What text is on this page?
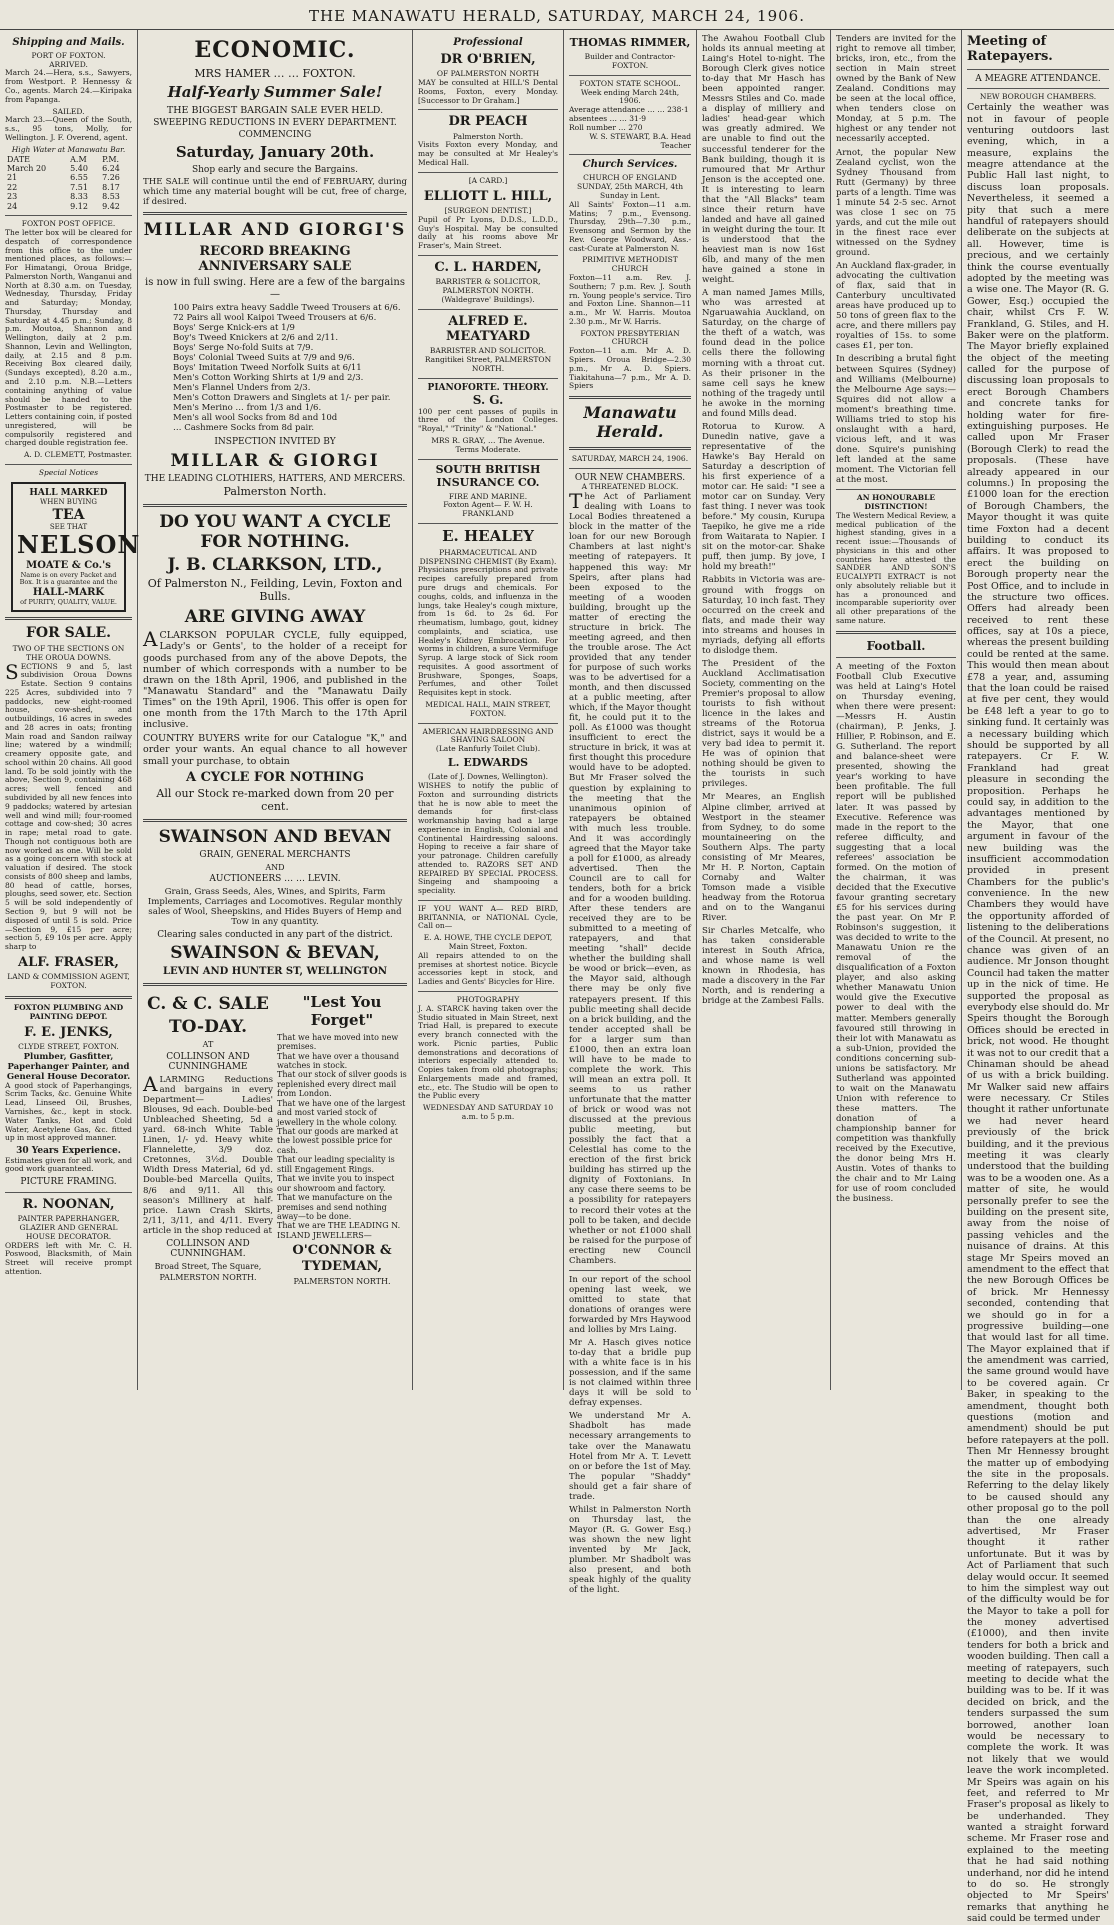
THE MANAWATU HERALD, SATURDAY, MARCH 24, 1906.
Shipping and Mails.
PORT OF FOXTON.
ARRIVED.

March 24.—Hera, s.s., Sawyers, from Westport. P. Hennessy & Co., agents. March 24.—Kiripaka from Papanga.

SAILED.

March 23.—Queen of the South, s.s., 95 tons, Molly, for Wellington. J. F. Overend, agent.

High Water at Manawatu Bar.
DATE	A.M	P.M.
March 20	5.40	6.24
21	6.55	7.26
22	7.51	8.17
23	8.33	8.53
24	9.12	9.42
FOXTON POST OFFICE.

The letter box will be cleared for despatch of correspondence from this office to the under mentioned places, as follows:— For Himatangi, Oroua Bridge, Palmerston North, Wanganui and North at 8.30 a.m. on Tuesday, Wednesday, Thursday, Friday and Saturday; Monday, Thursday, Thursday and Saturday at 4.45 p.m.; Sunday, 8 p.m. Moutoa, Shannon and Wellington, daily at 2 p.m. Shannon, Levin and Wellington, daily, at 2.15 and 8 p.m. Receiving Box cleared daily, (Sundays excepted), 8.20 a.m., and 2.10 p.m. N.B.—Letters containing anything of value should be handed to the Postmaster to be registered. Letters containing coin, if posted unregistered, will be compulsorily registered and charged double registration fee.

A. D. CLEMETT, Postmaster.
Special Notices
HALL MARKED
WHEN BUYING
TEA
SEE THAT
NELSON
MOATE & Co.'s
Name is on every Packet and Box. It is a guarantee and the
HALL-MARK
of PURITY, QUALITY, VALUE.
FOR SALE.
TWO OF THE SECTIONS ON THE OROUA DOWNS.

SECTIONS 9 and 5, last subdivision Oroua Downs Estate. Section 9 contains 225 Acres, subdivided into 7 paddocks, new eight-roomed house, cow-shed, and outbuildings, 16 acres in swedes and 28 acres in oats; fronting Main road and Sandon railway line; watered by a windmill; creamery opposite gate, and school within 20 chains. All good land. To be sold jointly with the above, Section 9, containing 468 acres; well fenced and subdivided by all new fences into 9 paddocks; watered by artesian well and wind mill; four-roomed cottage and cow-shed; 30 acres in rape; metal road to gate. Though not contiguous both are now worked as one. Will be sold as a going concern with stock at valuation if desired. The stock consists of 800 sheep and lambs, 80 head of cattle, horses, ploughs, seed sower, etc. Section 5 will be sold independently of Section 9, but 9 will not be disposed of until 5 is sold. Price—Section 9, £15 per acre; section 5, £9 10s per acre. Apply sharp to

ALF. FRASER,
LAND & COMMISSION AGENT, FOXTON.
FOXTON PLUMBING AND PAINTING DEPOT.
F. E. JENKS,
CLYDE STREET, FOXTON.
Plumber, Gasfitter, Paperhanger Painter, and General House Decorator.

A good stock of Paperhangings, Scrim Tacks, &c. Genuine White Lead, Linseed Oil, Brushes, Varnishes, &c., kept in stock. Water Tanks, Hot and Cold Water, Acetylene Gas, &c. fitted up in most approved manner.

30 Years Experience.

Estimates given for all work, and good work guaranteed.

PICTURE FRAMING.
R. NOONAN,
PAINTER PAPERHANGER, GLAZIER AND GENERAL HOUSE DECORATOR.

ORDERS left with Mr. C. H. Poswood, Blacksmith, of Main Street will receive prompt attention.

ECONOMIC.
MRS HAMER … … FOXTON.
Half-Yearly Summer Sale!
THE BIGGEST BARGAIN SALE EVER HELD.
SWEEPING REDUCTIONS IN EVERY DEPARTMENT.
COMMENCING
Saturday, January 20th.
Shop early and secure the Bargains.

THE SALE will continue until the end of FEBRUARY, during which time any material bought will be cut, free of charge, if desired.

MILLAR AND GIORGI'S
RECORD BREAKING ANNIVERSARY SALE
is now in full swing. Here are a few of the bargains—
100 Pairs extra heavy Saddle Tweed Trousers at 6/6.
72 Pairs all wool Kaipoi Tweed Trousers at 6/6.
Boys' Serge Knick-ers at 1/9
Boy's Tweed Knickers at 2/6 and 2/11.
Boys' Serge No-fold Suits at 7/9.
Boys' Colonial Tweed Suits at 7/9 and 9/6.
Boys' Imitation Tweed Norfolk Suits at 6/11
Men's Cotton Working Shirts at 1/9 and 2/3.
Men's Flannel Unders from 2/3.
Men's Cotton Drawers and Singlets at 1/- per pair.
Men's Merino … from 1/3 and 1/6.
Men's all wool Socks from 8d and 10d
… Cashmere Socks from 8d pair.
INSPECTION INVITED BY
MILLAR & GIORGI
THE LEADING CLOTHIERS, HATTERS, AND MERCERS.
Palmerston North.
DO YOU WANT A CYCLE FOR NOTHING.
J. B. CLARKSON, LTD.,
Of Palmerston N., Feilding, Levin, Foxton and Bulls.
ARE GIVING AWAY

ACLARKSON POPULAR CYCLE, fully equipped, Lady's or Gents', to the holder of a receipt for goods purchased from any of the above Depots, the number of which corresponds with a number to be drawn on the 18th April, 1906, and published in the "Manawatu Standard" and the "Manawatu Daily Times" on the 19th April, 1906. This offer is open for one month from the 17th March to the 17th April inclusive.

COUNTRY BUYERS write for our Catalogue "K," and order your wants. An equal chance to all however small your purchase, to obtain

A CYCLE FOR NOTHING
All our Stock re-marked down from 20 per cent.
SWAINSON AND BEVAN
GRAIN, GENERAL MERCHANTS
AND
AUCTIONEERS … … LEVIN.

Grain, Grass Seeds, Ales, Wines, and Spirits, Farm Implements, Carriages and Locomotives. Regular monthly sales of Wool, Sheepskins, and Hides Buyers of Hemp and Tow in any quantity.

Clearing sales conducted in any part of the district.
SWAINSON & BEVAN,
LEVIN AND HUNTER ST, WELLINGTON
C. & C. SALE
TO-DAY.
AT
COLLINSON AND CUNNINGHAME

ALARMING Reductions and bargains in every Department— Ladies' Blouses, 9d each. Double-bed Unbleached Sheeting, 5d a yard. 68-inch White Table Linen, 1/- yd. Heavy white Flannelette, 3/9 doz. Cretonnes, 3½d. Double Width Dress Material, 6d yd. Double-bed Marcella Quilts, 8/6 and 9/11. All this season's Millinery at half-price. Lawn Crash Skirts, 2/11, 3/11, and 4/11. Every article in the shop reduced at

COLLINSON AND CUNNINGHAM.
Broad Street, The Square,
PALMERSTON NORTH.
"Lest You Forget"
That we have moved into new premises.
That we have over a thousand watches in stock.
That our stock of silver goods is replenished every direct mail from London.
That we have one of the largest and most varied stock of jewellery in the whole colony.
That our goods are marked at the lowest possible price for cash.
That our leading speciality is still Engagement Rings.
That we invite you to inspect our showroom and factory.
That we manufacture on the premises and send nothing away—to be done.
That we are THE LEADING N. ISLAND JEWELLERS—
O'CONNOR & TYDEMAN,
PALMERSTON NORTH.
Professional
DR O'BRIEN,
OF PALMERSTON NORTH

MAY be consulted at HILL'S Dental Rooms, Foxton, every Monday. [Successor to Dr Graham.]

DR PEACH
Palmerston North.

Visits Foxton every Monday, and may be consulted at Mr Healey's Medical Hall.

[A CARD.]
ELLIOTT L. HILL,
[SURGEON DENTIST.]

Pupil of Pr Lyons, D.D.S., L.D.D., Guy's Hospital. May be consulted daily at his rooms above Mr Fraser's, Main Street.

C. L. HARDEN,
BARRISTER & SOLICITOR, PALMERSTON NORTH.
(Waldegrave' Buildings).
ALFRED E. MEATYARD
BARRISTER AND SOLICITOR. Rangitikei Street, PALMERSTON NORTH.
PIANOFORTE. THEORY.
S. G.

100 per cent passes of pupils in three of the London Colleges. "Royal," "Trinity" & "National."

MRS R. GRAY, … The Avenue.
Terms Moderate.
SOUTH BRITISH INSURANCE CO.
FIRE AND MARINE.
Foxton Agent— F. W. H. FRANKLAND
E. HEALEY
PHARMACEUTICAL AND DISPENSING CHEMIST (By Exam).

Physicians prescriptions and private recipes carefully prepared from pure drugs and chemicals. For coughs, colds, and influenza in the lungs, take Healey's cough mixture, from 1s 6d. to 2s 6d. For rheumatism, lumbago, gout, kidney complaints, and sciatica, use Healey's Kidney Embrocation. For worms in children, a sure Vermifuge Syrup. A large stock of Sick room requisites. A good assortment of Brushware, Sponges, Soaps, Perfumes, and other Toilet Requisites kept in stock.

MEDICAL HALL, MAIN STREET, FOXTON.
AMERICAN HAIRDRESSING AND SHAVING SALOON
(Late Ranfurly Toilet Club).
L. EDWARDS
(Late of J. Downes, Wellington).

WISHES to notify the public of Foxton and surrounding districts that he is now able to meet the demands for first-class workmanship having had a large experience in English, Colonial and Continental Hairdressing saloons. Hoping to receive a fair share of your patronage. Children carefully attended to. RAZORS SET AND REPAIRED BY SPECIAL PROCESS. Singeing and shampooing a speciality.

IF YOU WANT A— RED BIRD, BRITANNIA, or NATIONAL Cycle, Call on—

E. A. HOWE, THE CYCLE DEPOT, Main Street, Foxton.

All repairs attended to on the premises at shortest notice. Bicycle accessories kept in stock, and Ladies and Gents' Bicycles for Hire.

PHOTOGRAPHY

J. A. STARCK having taken over the Studio situated in Main Street, next Triad Hall, is prepared to execute every branch connected with the work. Picnic parties, Public demonstrations and decorations of interiors especially attended to. Copies taken from old photographs; Enlargements made and framed, etc., etc. The Studio will be open to the Public every

WEDNESDAY AND SATURDAY 10 a.m. to 5 p.m.
THOMAS RIMMER,
Builder and Contractor- FOXTON.
FOXTON STATE SCHOOL.
Week ending March 24th, 1906.
Average attendance … … 238·1
absentees … … 31·9
Roll number … 270
W. S. STEWART, B.A. Head Teacher
Church Services.
CHURCH OF ENGLAND
SUNDAY, 25th MARCH, 4th Sunday in Lent.

All Saints' Foxton—11 a.m. Matins; 7 p.m., Evensong. Thursday, 29th—7.30 p.m., Evensong and Sermon by the Rev. George Woodward, Ass.-cast-Curate at Palmerston N.

PRIMITIVE METHODIST CHURCH

Foxton—11 a.m. Rev. J. Southern; 7 p.m. Rev. J. South rn. Young people's service. Tiro and Foxton Line. Shannon—11 a.m., Mr W. Harris. Moutoa 2.30 p.m., Mr W. Harris.

FOXTON PRESBYTERIAN CHURCH

Foxton—11 a.m. Mr A. D. Spiers. Oroua Bridge—2.30 p.m., Mr A. D. Spiers. Tiakitahuna—7 p.m., Mr A. D. Spiers

Manawatu Herald.
SATURDAY, MARCH 24, 1906.
OUR NEW CHAMBERS.
A THREATENED BLOCK.

The Act of Parliament dealing with Loans to Local Bodies threatened a block in the matter of the loan for our new Borough Chambers at last night's meeting of ratepayers. It happened this way: Mr Speirs, after plans had been exposed to the meeting of a wooden building, brought up the matter of erecting the structure in brick. The meeting agreed, and then the trouble arose. The Act provided that any tender for purpose of such works was to be advertised for a month, and then discussed at a public meeting, after which, if the Mayor thought fit, he could put it to the poll. As £1000 was thought insufficient to erect the structure in brick, it was at first thought this procedure would have to be adopted. But Mr Fraser solved the question by explaining to the meeting that the unanimous opinion of ratepayers be obtained with much less trouble. And it was accordingly agreed that the Mayor take a poll for £1000, as already advertised. Then the Council are to call for tenders, both for a brick and for a wooden building. After these tenders are received they are to be submitted to a meeting of ratepayers, and that meeting "shall" decide whether the building shall be wood or brick—even, as the Mayor said, although there may be only five ratepayers present. If this public meeting shall decide on a brick building, and the tender accepted shall be for a larger sum than £1000, then an extra loan will have to be made to complete the work. This will mean an extra poll. It seems to us rather unfortunate that the matter of brick or wood was not discussed at the previous public meeting, but possibly the fact that a Celestial has come to the erection of the first brick building has stirred up the dignity of Foxtonians. In any case there seems to be a possibility for ratepayers to record their votes at the poll to be taken, and decide whether or not £1000 shall be raised for the purpose of erecting new Council Chambers.

In our report of the school opening last week, we omitted to state that donations of oranges were forwarded by Mrs Haywood and lollies by Mrs Laing.

Mr A. Hasch gives notice to-day that a bridle pup with a white face is in his possession, and if the same is not claimed within three days it will be sold to defray expenses.

We understand Mr A. Shadbolt has made necessary arrangements to take over the Manawatu Hotel from Mr A. T. Levett on or before the 1st of May. The popular "Shaddy" should get a fair share of trade.

Whilst in Palmerston North on Thursday last, the Mayor (R. G. Gower Esq.) was shown the new light invented by Mr Jack, plumber. Mr Shadbolt was also present, and both speak highly of the quality of the light.

The Awahou Football Club holds its annual meeting at Laing's Hotel to-night. The Borough Clerk gives notice to-day that Mr Hasch has been appointed ranger. Messrs Stiles and Co. made a display of milliery and ladies' head-gear which was greatly admired. We are unable to find out the successful tenderer for the Bank building, though it is rumoured that Mr Arthur Jenson is the accepted one. It is interesting to learn that the "All Blacks" team since their return have landed and have all gained in weight during the tour. It is understood that the heaviest man is now 16st 6lb, and many of the men have gained a stone in weight.

A man named James Mills, who was arrested at Ngaruawahia Auckland, on Saturday, on the charge of the theft of a watch, was found dead in the police cells there the following morning with a throat cut. As their prisoner in the same cell says he knew nothing of the tragedy until he awoke in the morning and found Mills dead.

Rotorua to Kurow. A Dunedin native, gave a representative of the Hawke's Bay Herald on Saturday a description of his first experience of a motor car. He said: "I see a motor car on Sunday. Very fast thing. I never was took before." My cousin, Kurupa Taepiko, he give me a ride from Waitarata to Napier. I sit on the motor-car. Shake puff, then jump. By jove, I hold my breath!"

Rabbits in Victoria was are-ground with froggs on Saturday, 10 inch fast. They occurred on the creek and flats, and made their way into streams and houses in myriads, defying all efforts to dislodge them.

The President of the Auckland Acclimatisation Society, commenting on the Premier's proposal to allow tourists to fish without licence in the lakes and streams of the Rotorua district, says it would be a very bad idea to permit it. He was of opinion that nothing should be given to the tourists in such privileges.

Mr Meares, an English Alpine climber, arrived at Westport in the steamer from Sydney, to do some mountaineering on the Southern Alps. The party consisting of Mr Meares, Mr H. P. Norton, Captain Cornaby and Walter Tomson made a visible headway from the Rotorua and on to the Wanganui River.

Sir Charles Metcalfe, who has taken considerable interest in South Africa, and whose name is well known in Rhodesia, has made a discovery in the Far North, and is rendering a bridge at the Zambesi Falls.

Tenders are invited for the right to remove all timber, bricks, iron, etc., from the section in Main street owned by the Bank of New Zealand. Conditions may be seen at the local office, when tenders close on Monday, at 5 p.m. The highest or any tender not necessarily accepted.

Arnot, the popular New Zealand cyclist, won the Sydney Thousand from Rutt (Germany) by three parts of a length. Time was 1 minute 54 2-5 sec. Arnot was close 1 sec on 75 yards, and cut the mile out in the finest race ever witnessed on the Sydney ground.

An Auckland flax-grader, in advocating the cultivation of flax, said that in Canterbury uncultivated areas have produced up to 50 tons of green flax to the acre, and there millers pay royalties of 15s. to some cases £1, per ton.

In describing a brutal fight between Squires (Sydney) and Williams (Melbourne) the Melbourne Age says:— Squires did not allow a moment's breathing time. Williams tried to stop his onslaught with a hard, vicious left, and it was done. Squire's punishing left landed at the same moment. The Victorian fell at the most.

AN HONOURABLE DISTINCTION!

The Western Medical Review, a medical publication of the highest standing, gives in a recent issue:—Thousands of physicians in this and other countries have attested the SANDER AND SON'S EUCALYPTI EXTRACT is not only absolutely reliable but it has a pronounced and incomparable superiority over all other preparations of the same nature.

Football.

A meeting of the Foxton Football Club Executive was held at Laing's Hotel on Thursday evening, when there were present:—Messrs H. Austin (chairman), P. Jenks, J. Hillier, P. Robinson, and E. G. Sutherland. The report and balance-sheet were presented, showing the year's working to have been profitable. The full report will be published later. It was passed by Executive. Reference was made in the report to the referee difficulty, and suggesting that a local referees' association be formed. On the motion of the chairman, it was decided that the Executive favour granting secretary £5 for his services during the past year. On Mr P. Robinson's suggestion, it was decided to write to the Manawatu Union re the removal of the disqualification of a Foxton player, and also asking whether Manawatu Union would give the Executive power to deal with the matter. Members generally favoured still throwing in their lot with Manawatu as a sub-Union, provided the conditions concerning sub-unions be satisfactory. Mr Sutherland was appointed to wait on the Manawatu Union with reference to these matters. The donation of a championship banner for competition was thankfully received by the Executive, the donor being Mrs H. Austin. Votes of thanks to the chair and to Mr Laing for use of room concluded the business.

Meeting of Ratepayers.
A MEAGRE ATTENDANCE.
NEW BOROUGH CHAMBERS.

Certainly the weather was not in favour of people venturing outdoors last evening, which, in a measure, explains the meagre attendance at the Public Hall last night, to discuss loan proposals. Nevertheless, it seemed a pity that such a mere handful of ratepayers should deliberate on the subjects at all. However, time is precious, and we certainly think the course eventually adopted by the meeting was a wise one. The Mayor (R. G. Gower, Esq.) occupied the chair, whilst Crs F. W. Frankland, G. Stiles, and H. Baker were on the platform. The Mayor briefly explained the object of the meeting called for the purpose of discussing loan proposals to erect Borough Chambers and concrete tanks for holding water for fire-extinguishing purposes. He called upon Mr Fraser (Borough Clerk) to read the proposals. (These have already appeared in our columns.) In proposing the £1000 loan for the erection of Borough Chambers, the Mayor thought it was quite time Foxton had a decent building to conduct its affairs. It was proposed to erect the building on Borough property near the Post Office, and to include in the structure two offices. Offers had already been received to rent these offices, say at 10s a piece, whereas the present building could be rented at the same. This would then mean about £78 a year, and, assuming that the loan could be raised at five per cent, they would be £48 left a year to go to sinking fund. It certainly was a necessary building which should be supported by all ratepayers. Cr F. W. Frankland had great pleasure in seconding the proposition. Perhaps he could say, in addition to the advantages mentioned by the Mayor, that one argument in favour of the new building was the insufficient accommodation provided in present Chambers for the public's convenience. In the new Chambers they would have the opportunity afforded of listening to the deliberations of the Council. At present, no chance was given of an audience. Mr Jonson thought Council had taken the matter up in the nick of time. He supported the proposal as everybody else should do. Mr Speirs thought the Borough Offices should be erected in brick, not wood. He thought it was not to our credit that a Chinaman should be ahead of us with a brick building. Mr Walker said new affairs were necessary. Cr Stiles thought it rather unfortunate we had never heard previously of the brick building, and it the previous meeting it was clearly understood that the building was to be a wooden one. As a matter of site, he would personally prefer to see the building on the present site, away from the noise of passing vehicles and the nuisance of drains. At this stage Mr Speirs moved an amendment to the effect that the new Borough Offices be of brick. Mr Hennessy seconded, contending that we should go in for a progressive building—one that would last for all time. The Mayor explained that if the amendment was carried, the same ground would have to be covered again. Cr Baker, in speaking to the amendment, thought both questions (motion and amendment) should be put before ratepayers at the poll. Then Mr Hennessy brought the matter up of embodying the site in the proposals. Referring to the delay likely to be caused should any other proposal go to the poll than the one already advertised, Mr Fraser thought it rather unfortunate. But it was by Act of Parliament that such delay would occur. It seemed to him the simplest way out of the difficulty would be for the Mayor to take a poll for the money advertised (£1000), and then invite tenders for both a brick and wooden building. Then call a meeting of ratepayers, such meeting to decide what the building was to be. If it was decided on brick, and the tenders surpassed the sum borrowed, another loan would be necessary to complete the work. It was not likely that we would leave the work incompleted. Mr Speirs was again on his feet, and referred to Mr Fraser's proposal as likely to be underhanded. They wanted a straight forward scheme. Mr Fraser rose and explained to the meeting that he had said nothing underhand, nor did he intend to do so. He strongly objected to Mr Speirs' remarks that anything he said could be termed under
